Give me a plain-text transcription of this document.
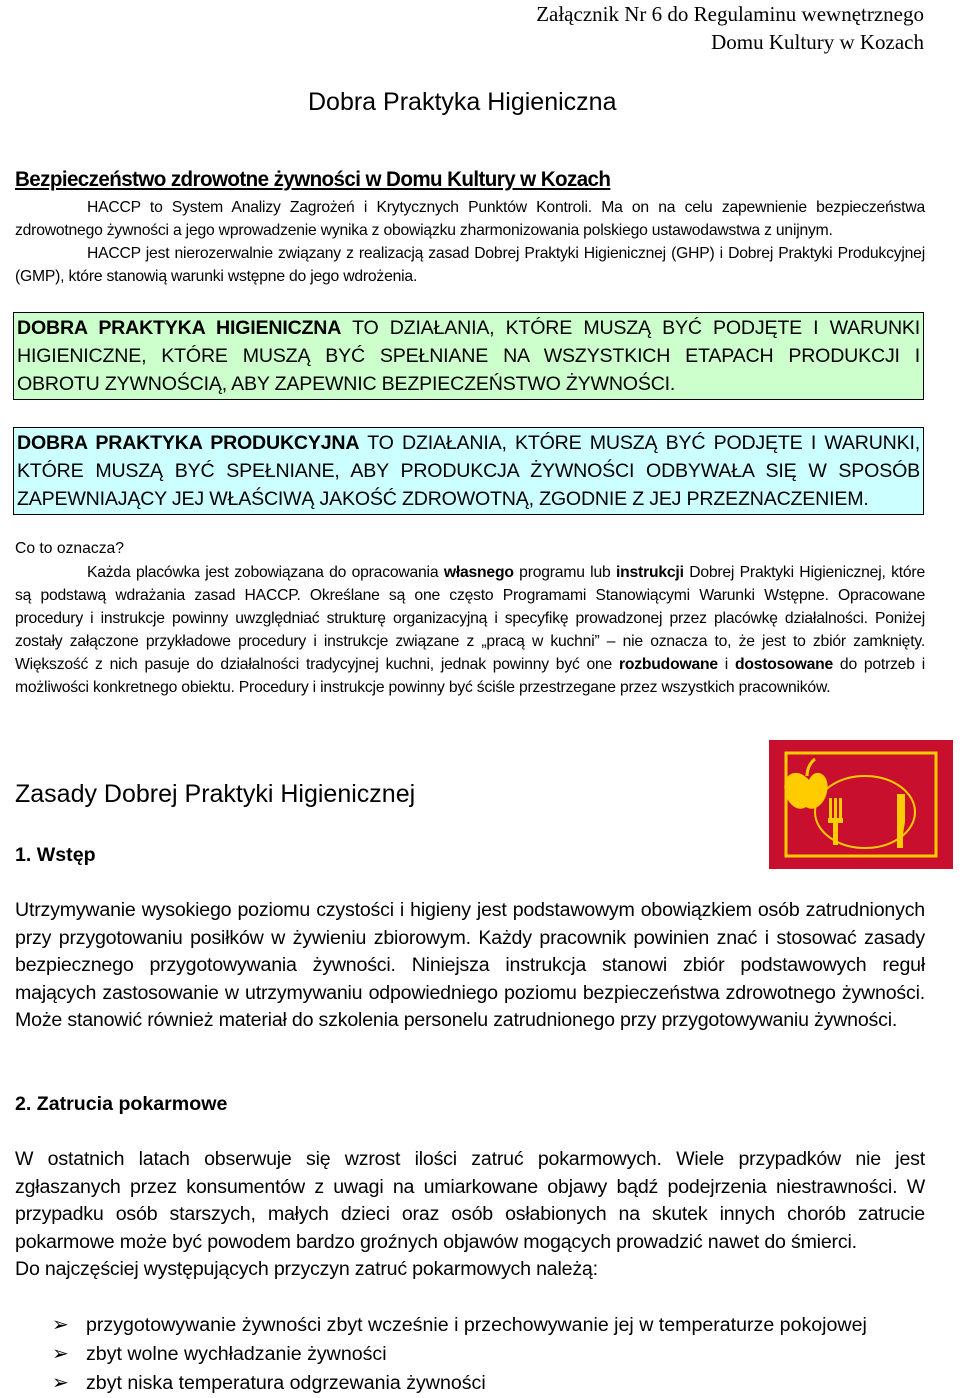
Załącznik Nr 6 do Regulaminu wewnętrznego
Domu Kultury w Kozach
Dobra Praktyka Higieniczna
Bezpieczeństwo zdrowotne żywności w Domu Kultury w Kozach

HACCP to System Analizy Zagrożeń i Krytycznych Punktów Kontroli. Ma on na celu zapewnienie bezpieczeństwa zdrowotnego żywności a jego wprowadzenie wynika z obowiązku zharmonizowania polskiego ustawodawstwa z unijnym.

HACCP jest nierozerwalnie związany z realizacją zasad Dobrej Praktyki Higienicznej (GHP) i Dobrej Praktyki Produkcyjnej (GMP), które stanowią warunki wstępne do jego wdrożenia.

DOBRA PRAKTYKA HIGIENICZNA TO DZIAŁANIA, KTÓRE MUSZĄ BYĆ PODJĘTE I WARUNKI HIGIENICZNE, KTÓRE MUSZĄ BYĆ SPEŁNIANE NA WSZYSTKICH ETAPACH PRODUKCJI I OBROTU ZYWNOŚCIĄ, ABY ZAPEWNIC BEZPIECZEŃSTWO ŻYWNOŚCI.
DOBRA PRAKTYKA PRODUKCYJNA TO DZIAŁANIA, KTÓRE MUSZĄ BYĆ PODJĘTE I WARUNKI, KTÓRE MUSZĄ BYĆ SPEŁNIANE, ABY PRODUKCJA ŻYWNOŚCI ODBYWAŁA SIĘ W SPOSÓB ZAPEWNIAJĄCY JEJ WŁAŚCIWĄ JAKOŚĆ ZDROWOTNĄ, ZGODNIE Z JEJ PRZEZNACZENIEM.
Co to oznacza?

Każda placówka jest zobowiązana do opracowania własnego programu lub instrukcji Dobrej Praktyki Higienicznej, które są podstawą wdrażania zasad HACCP. Określane są one często Programami Stanowiącymi Warunki Wstępne. Opracowane procedury i instrukcje powinny uwzględniać strukturę organizacyjną i specyfikę prowadzonej przez placówkę działalności. Poniżej zostały załączone przykładowe procedury i instrukcje związane z „pracą w kuchni” – nie oznacza to, że jest to zbiór zamknięty. Większość z nich pasuje do działalności tradycyjnej kuchni, jednak powinny być one rozbudowane i dostosowane do potrzeb i możliwości konkretnego obiektu. Procedury i instrukcje powinny być ściśle przestrzegane przez wszystkich pracowników.

Zasady Dobrej Praktyki Higienicznej
1. Wstęp

Utrzymywanie wysokiego poziomu czystości i higieny jest podstawowym obowiązkiem osób zatrudnionych przy przygotowaniu posiłków w żywieniu zbiorowym. Każdy pracownik powinien znać i stosować zasady bezpiecznego przygotowywania żywności. Niniejsza instrukcja stanowi zbiór podstawowych reguł mających zastosowanie w utrzymywaniu odpowiedniego poziomu bezpieczeństwa zdrowotnego żywności. Może stanowić również materiał do szkolenia personelu zatrudnionego przy przygotowywaniu żywności.

2. Zatrucia pokarmowe

W ostatnich latach obserwuje się wzrost ilości zatruć pokarmowych. Wiele przypadków nie jest zgłaszanych przez konsumentów z uwagi na umiarkowane objawy bądź podejrzenia niestrawności. W przypadku osób starszych, małych dzieci oraz osób osłabionych na skutek innych chorób zatrucie pokarmowe może być powodem bardzo groźnych objawów mogących prowadzić nawet do śmierci.

Do najczęściej występujących przyczyn zatruć pokarmowych należą:

➢ przygotowywanie żywności zbyt wcześnie i przechowywanie jej w temperaturze pokojowej
➢ zbyt wolne wychładzanie żywności
➢ zbyt niska temperatura odgrzewania żywności
